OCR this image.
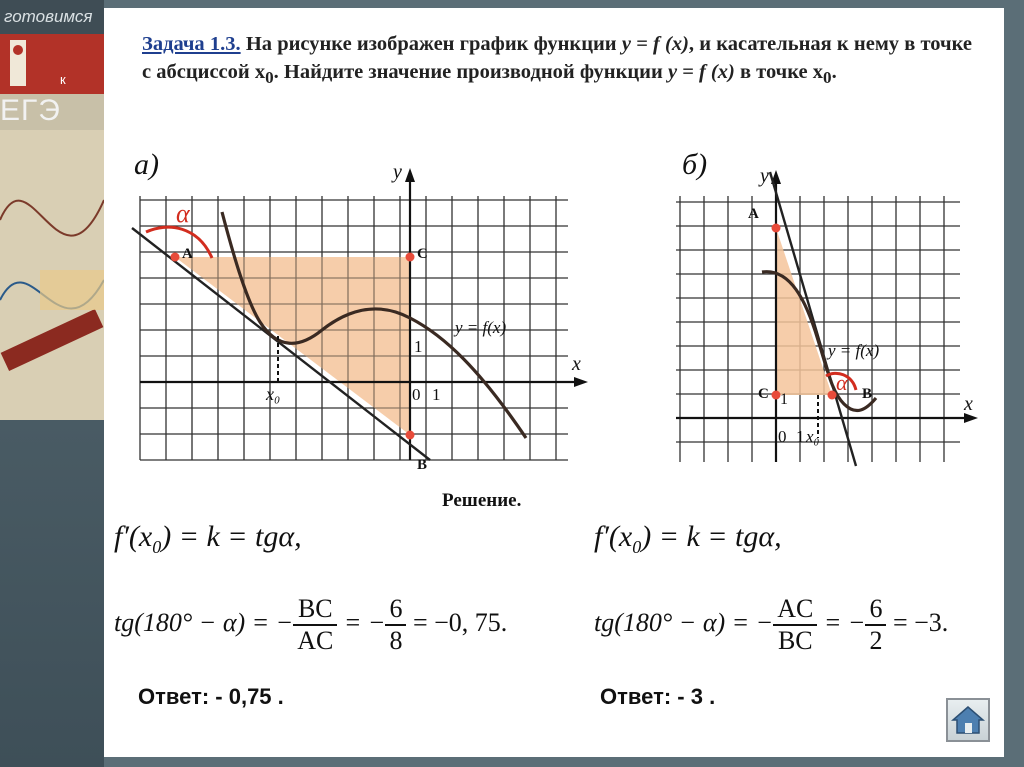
готовимся
ЕГЭ
к
Задача 1.3. На рисунке изображен график функции y = f (x), и касательная к нему в точке с абсциссой $x_0$. Найдите значение производной функции y = f (x) в точке $x_0$.
а)	б)
α
A	C
B
y
x
x₀	0 1
1
y = f(x)
α
A
C	B
y
x
x₀
0 1
1
y = f(x)
Решение.
$f'(x_0) = k = tg\alpha$,
tg(180° − α) = − $\frac{BC}{AC}$ = − $\frac{6}{8} = -0$, 75.
Ответ: - 0,75 .
$f'(x_0) = k = tg\alpha$,
tg(180° − α) = − $\frac{AC}{BC}$ = − $\frac{6}{2} = -3$.
Ответ: - 3 .
